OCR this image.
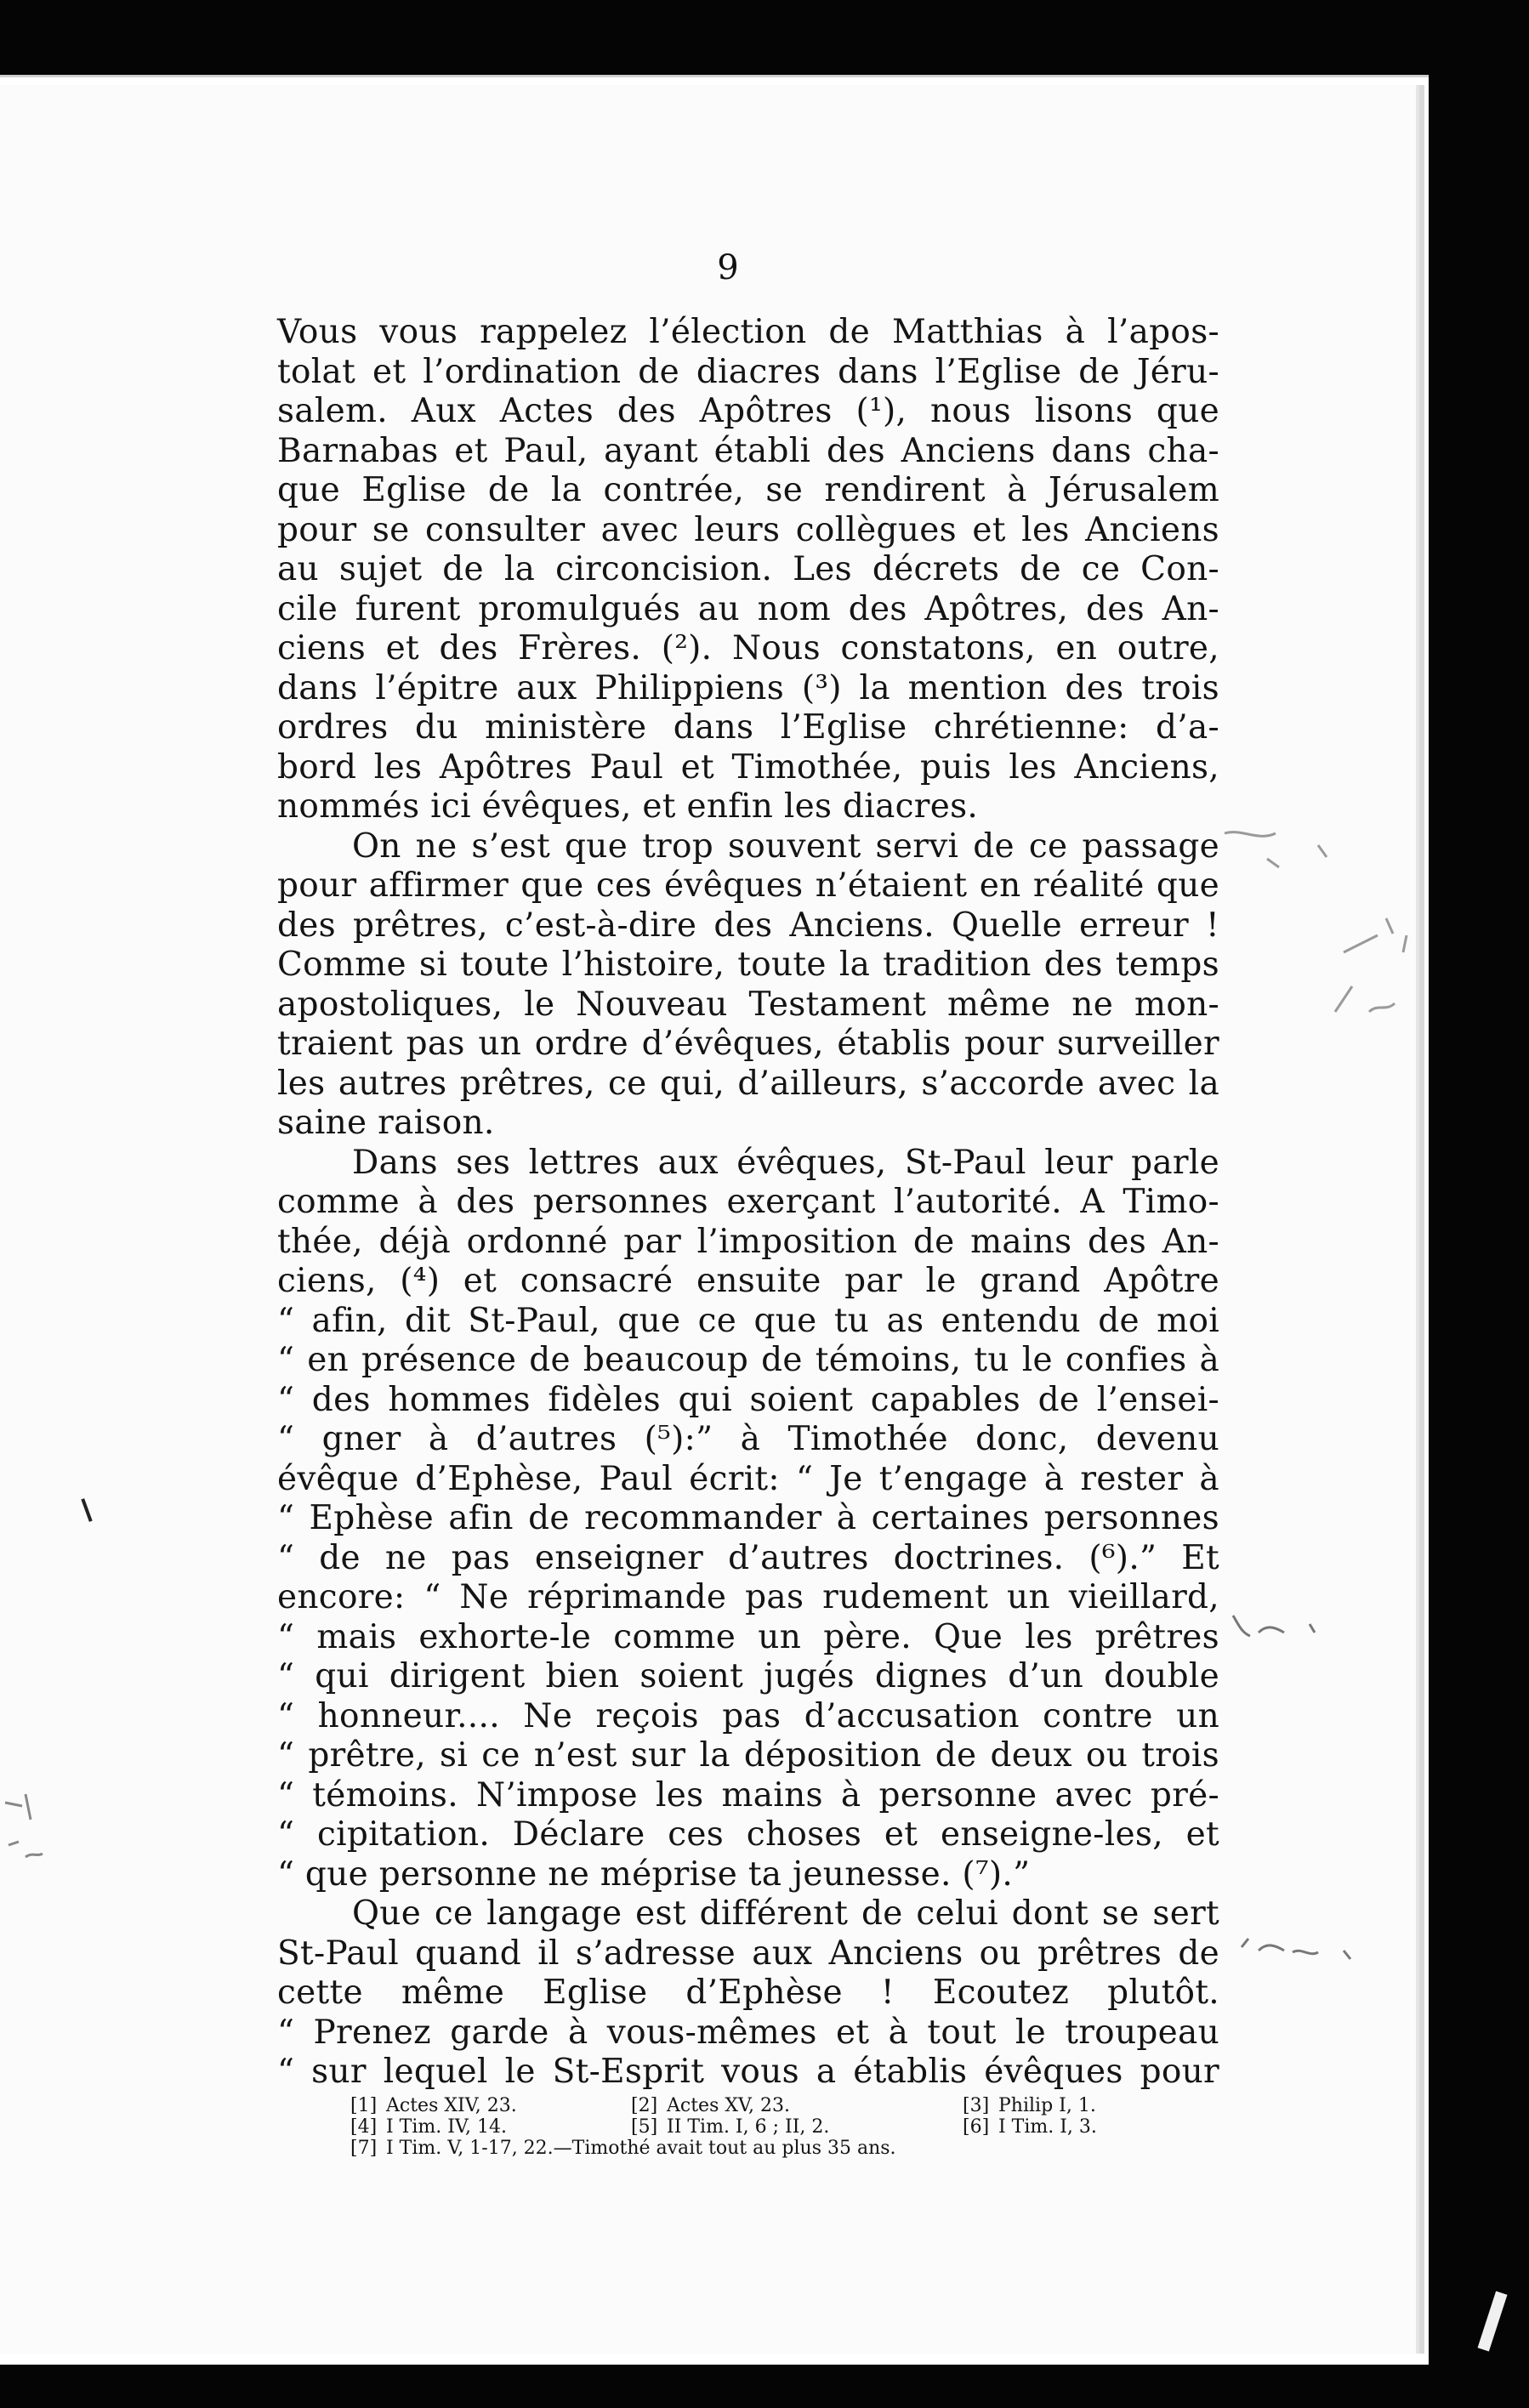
9
Vous vous rappelez l’élection de Matthias à l’apos-
tolat et l’ordination de diacres dans l’Eglise de Jéru-
salem. Aux Actes des Apôtres (¹), nous lisons que
Barnabas et Paul, ayant établi des Anciens dans cha-
que Eglise de la contrée, se rendirent à Jérusalem
pour se consulter avec leurs collègues et les Anciens
au sujet de la circoncision. Les décrets de ce Con-
cile furent promulgués au nom des Apôtres, des An-
ciens et des Frères. (²). Nous constatons, en outre,
dans l’épitre aux Philippiens (³) la mention des trois
ordres du ministère dans l’Eglise chrétienne: d’a-
bord les Apôtres Paul et Timothée, puis les Anciens,
nommés ici évêques, et enfin les diacres.
On ne s’est que trop souvent servi de ce passage
pour affirmer que ces évêques n’étaient en réalité que
des prêtres, c’est-à-dire des Anciens. Quelle erreur !
Comme si toute l’histoire, toute la tradition des temps
apostoliques, le Nouveau Testament même ne mon-
traient pas un ordre d’évêques, établis pour surveiller
les autres prêtres, ce qui, d’ailleurs, s’accorde avec la
saine raison.
Dans ses lettres aux évêques, St-Paul leur parle
comme à des personnes exerçant l’autorité. A Timo-
thée, déjà ordonné par l’imposition de mains des An-
ciens, (⁴) et consacré ensuite par le grand Apôtre
“ afin, dit St-Paul, que ce que tu as entendu de moi
“ en présence de beaucoup de témoins, tu le confies à
“ des hommes fidèles qui soient capables de l’ensei-
“ gner à d’autres (⁵):” à Timothée donc, devenu
évêque d’Ephèse, Paul écrit: “ Je t’engage à rester à
“ Ephèse afin de recommander à certaines personnes
“ de ne pas enseigner d’autres doctrines. (⁶).” Et
encore: “ Ne réprimande pas rudement un vieillard,
“ mais exhorte-le comme un père. Que les prêtres
“ qui dirigent bien soient jugés dignes d’un double
“ honneur.... Ne reçois pas d’accusation contre un
“ prêtre, si ce n’est sur la déposition de deux ou trois
“ témoins. N’impose les mains à personne avec pré-
“ cipitation. Déclare ces choses et enseigne-les, et
“ que personne ne méprise ta jeunesse. (⁷).”
Que ce langage est différent de celui dont se sert
St-Paul quand il s’adresse aux Anciens ou prêtres de
cette même Eglise d’Ephèse ! Ecoutez plutôt.
“ Prenez garde à vous-mêmes et à tout le troupeau
“ sur lequel le St-Esprit vous a établis évêques pour
[1] Actes XIV, 23.	[2] Actes XV, 23.	[3] Philip I, 1.
[4] I Tim. IV, 14.	[5] II Tim. I, 6 ; II, 2.	[6] I Tim. I, 3.
[7] I Tim. V, 1-17, 22.—Timothé avait tout au plus 35 ans.
